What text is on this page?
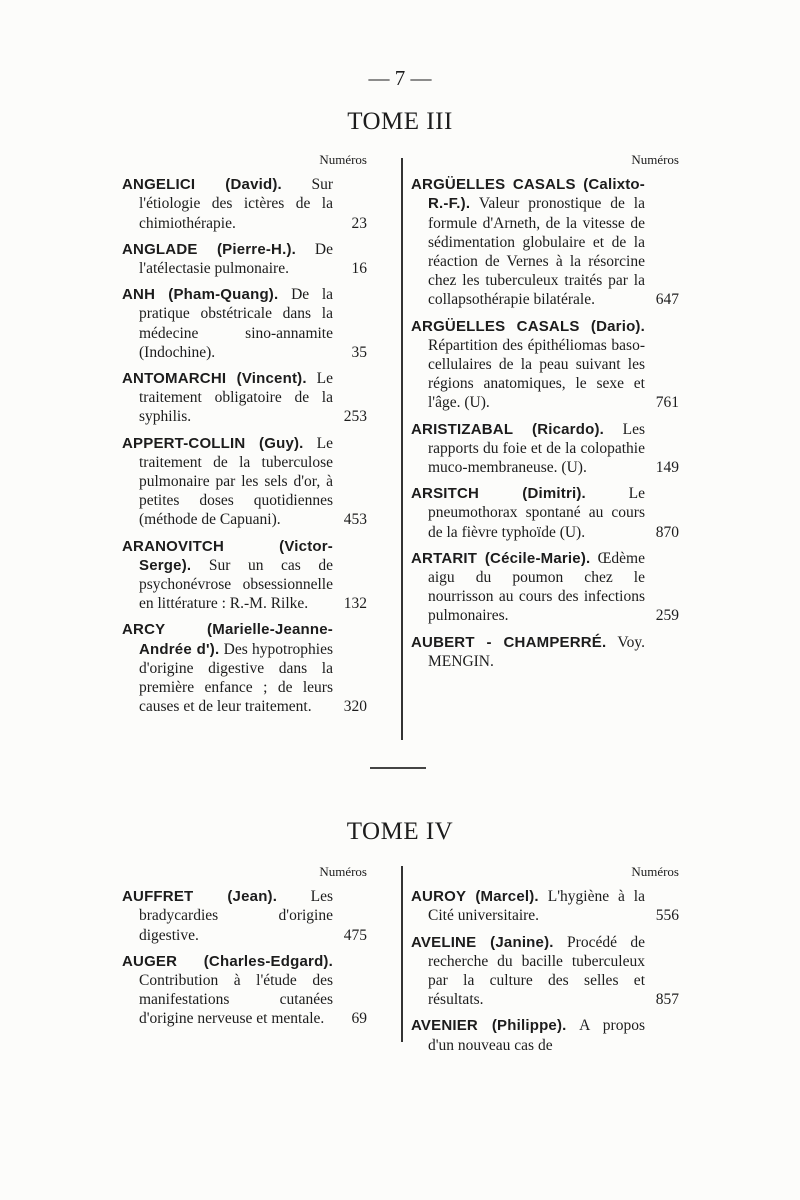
— 7 —
TOME III
Numéros
ANGELICI (David). Sur l'étiologie des ictères de la chimiothérapie.	23
ANGLADE (Pierre-H.). De l'atélectasie pulmonaire.	16
ANH (Pham-Quang). De la pratique obstétricale dans la médecine sino-annamite (Indochine).	35
ANTOMARCHI (Vincent). Le traitement obligatoire de la syphilis.	253
APPERT-COLLIN (Guy). Le traitement de la tuberculose pulmonaire par les sels d'or, à petites doses quotidiennes (méthode de Capuani).	453
ARANOVITCH (Victor-Serge). Sur un cas de psychonévrose obsessionnelle en littérature : R.-M. Rilke.	132
ARCY (Marielle-Jeanne-Andrée d'). Des hypotrophies d'origine digestive dans la première enfance ; de leurs causes et de leur traitement.	320
Numéros
ARGÜELLES CASALS (Calixto-R.-F.). Valeur pronostique de la formule d'Arneth, de la vitesse de sédimentation globulaire et de la réaction de Vernes à la résorcine chez les tuberculeux traités par la collapsothérapie bilatérale.	647
ARGÜELLES CASALS (Dario). Répartition des épithéliomas baso-cellulaires de la peau suivant les régions anatomiques, le sexe et l'âge. (U).	761
ARISTIZABAL (Ricardo). Les rapports du foie et de la colopathie muco-membraneuse. (U).	149
ARSITCH (Dimitri).	Le pneumothorax spontané au cours de la fièvre typhoïde (U).	870
ARTARIT (Cécile-Marie). Œdème aigu du poumon chez le nourrisson au cours des infections pulmonaires.	259
AUBERT - CHAMPERRÉ. Voy. MENGIN.
TOME IV
Numéros
AUFFRET (Jean). Les bradycardies d'origine digestive.	475
AUGER (Charles-Edgard). Contribution à l'étude des manifestations cutanées d'origine nerveuse et mentale.	69
Numéros
AUROY (Marcel). L'hygiène à la Cité universitaire.	556
AVELINE (Janine). Procédé de recherche du bacille tuberculeux par la culture des selles et résultats.	857
AVENIER (Philippe). A propos d'un nouveau cas de
